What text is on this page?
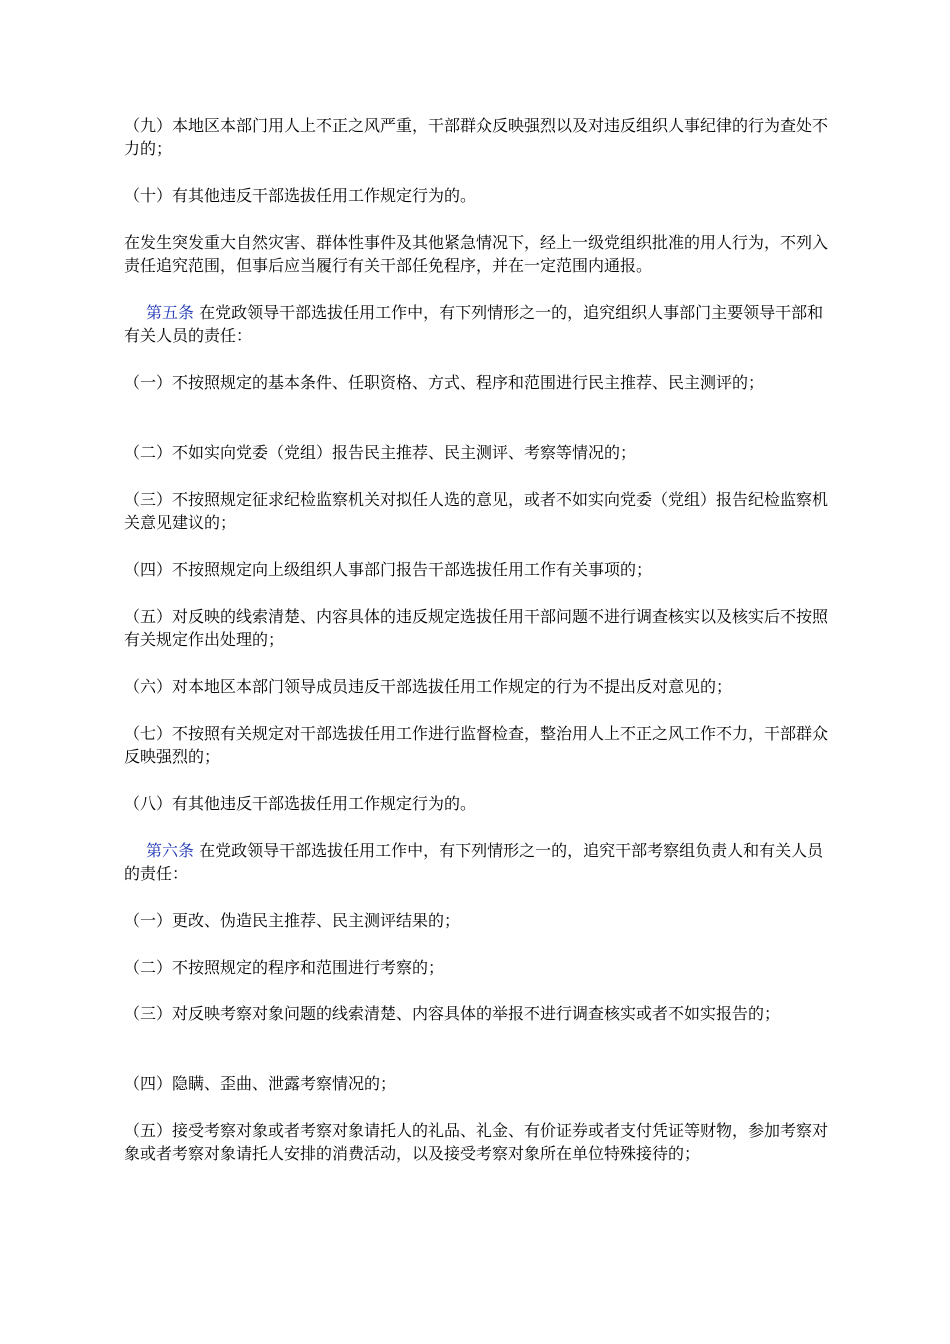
（九）本地区本部门用人上不正之风严重，干部群众反映强烈以及对违反组织人事纪律的行为查处不力的；

（十）有其他违反干部选拔任用工作规定行为的。

在发生突发重大自然灾害、群体性事件及其他紧急情况下，经上一级党组织批准的用人行为，不列入责任追究范围，但事后应当履行有关干部任免程序，并在一定范围内通报。

第五条 在党政领导干部选拔任用工作中，有下列情形之一的，追究组织人事部门主要领导干部和有关人员的责任：

（一）不按照规定的基本条件、任职资格、方式、程序和范围进行民主推荐、民主测评的；

（二）不如实向党委（党组）报告民主推荐、民主测评、考察等情况的；

（三）不按照规定征求纪检监察机关对拟任人选的意见，或者不如实向党委（党组）报告纪检监察机关意见建议的；

（四）不按照规定向上级组织人事部门报告干部选拔任用工作有关事项的；

（五）对反映的线索清楚、内容具体的违反规定选拔任用干部问题不进行调查核实以及核实后不按照有关规定作出处理的；

（六）对本地区本部门领导成员违反干部选拔任用工作规定的行为不提出反对意见的；

（七）不按照有关规定对干部选拔任用工作进行监督检查，整治用人上不正之风工作不力，干部群众反映强烈的；

（八）有其他违反干部选拔任用工作规定行为的。

第六条 在党政领导干部选拔任用工作中，有下列情形之一的，追究干部考察组负责人和有关人员的责任：

（一）更改、伪造民主推荐、民主测评结果的；

（二）不按照规定的程序和范围进行考察的；

（三）对反映考察对象问题的线索清楚、内容具体的举报不进行调查核实或者不如实报告的；

（四）隐瞒、歪曲、泄露考察情况的；

（五）接受考察对象或者考察对象请托人的礼品、礼金、有价证券或者支付凭证等财物，参加考察对象或者考察对象请托人安排的消费活动，以及接受考察对象所在单位特殊接待的；
